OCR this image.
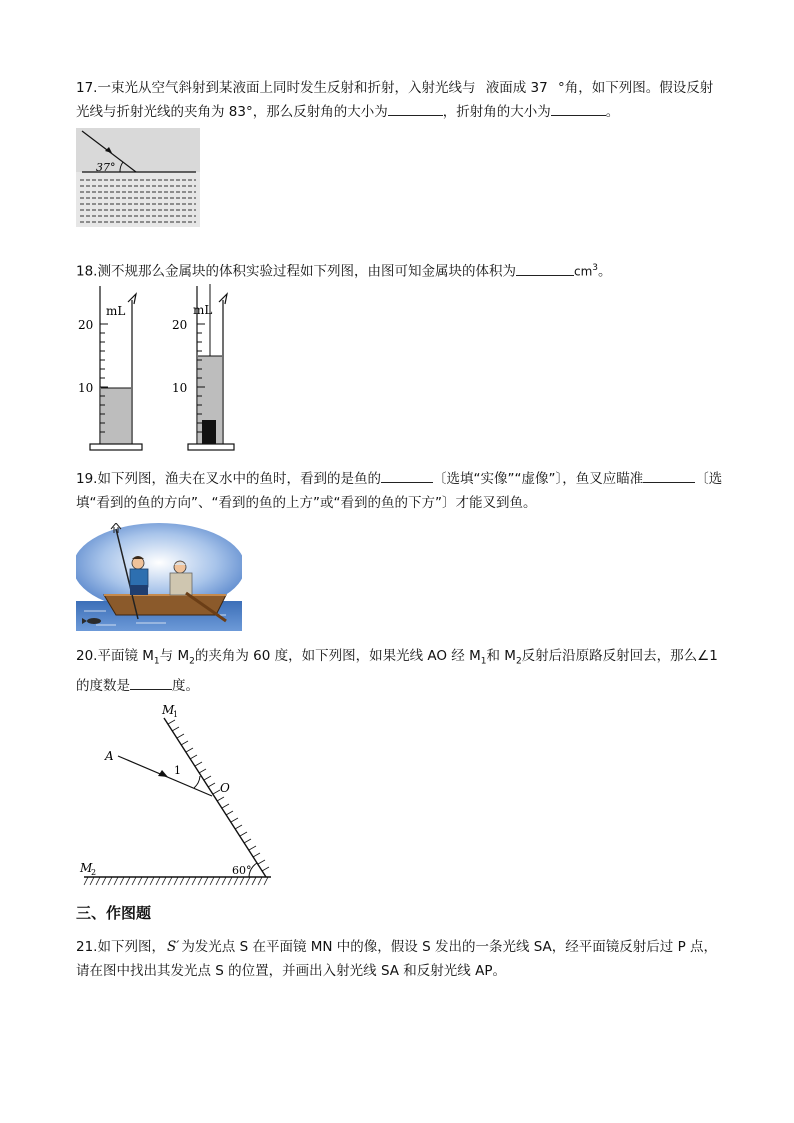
17.一束光从空气斜射到某液面上同时发生反射和折射，入射光线与 液面成 37 °角，如下列图。假设反射光线与折射光线的夹角为 83°，那么反射角的大小为	，折射角的大小为	。

37°

18.测不规那么金属块的体积实验过程如下列图，由图可知金属块的体积为	$cm^3$。

mL
20
10
mL
20
10

19.如下列图，渔夫在叉水中的鱼时，看到的是鱼的	〔选填“实像”“虚像”〕，鱼叉应瞄准	〔选填“看到的鱼的方向”、“看到的鱼的上方”或“看到的鱼的下方”〕才能叉到鱼。

20.平面镜 $M_1$与 $M_2$的夹角为 60 度，如下列图，如果光线 AO 经 $M_1$和 $M_2$反射后沿原路反射回去，那么∠1 的度数是	度。

M
1
M
2
A
O
1
60°
三、作图题

21.如下列图， S′ 为发光点 S 在平面镜 MN 中的像，假设 S 发出的一条光线 SA，经平面镜反射后过 P 点，请在图中找出其发光点 S 的位置，并画出入射光线 SA 和反射光线 AP。
